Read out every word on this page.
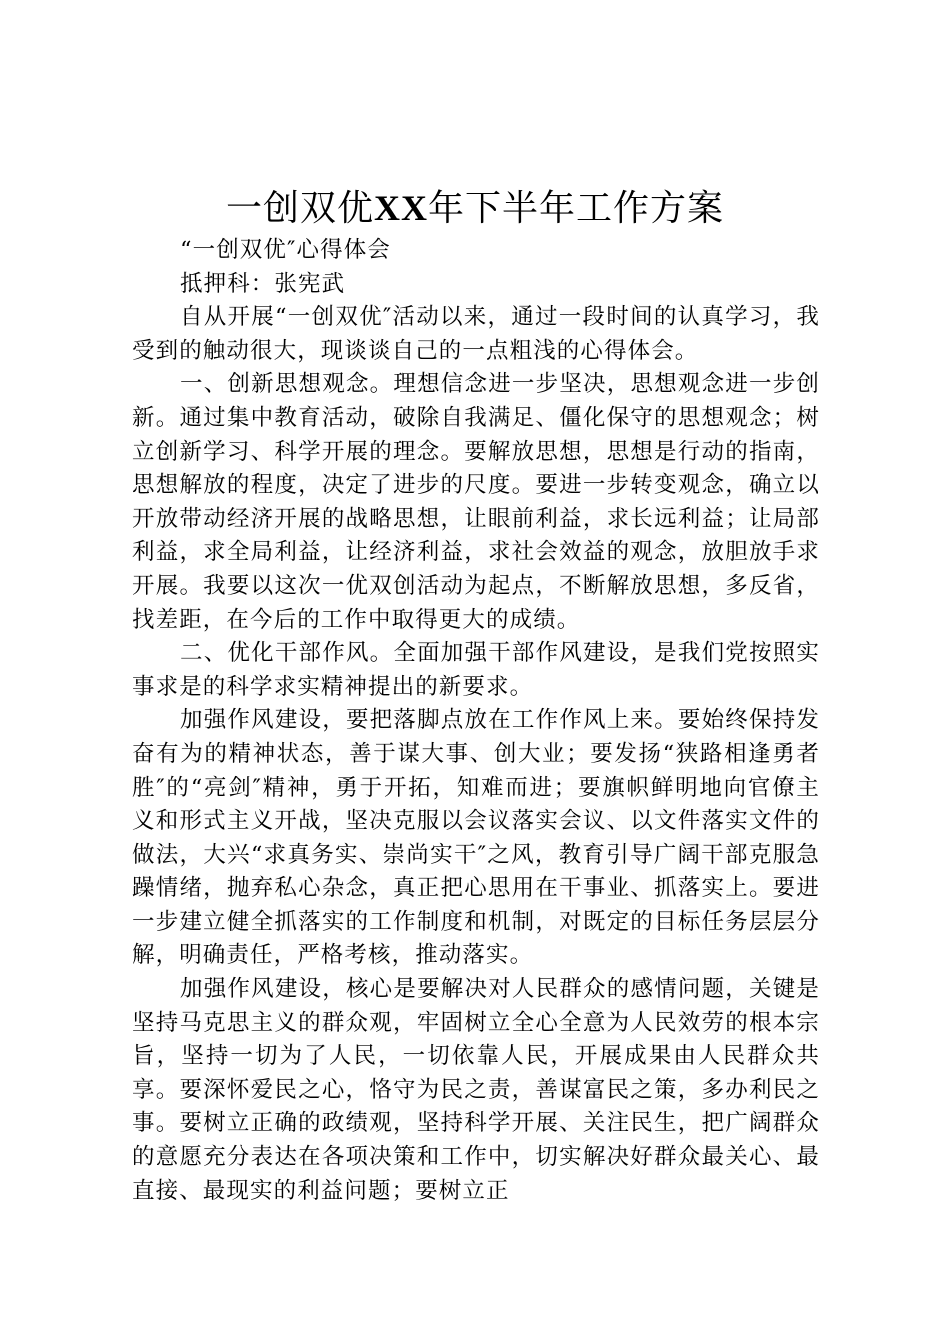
一创双优XX年下半年工作方案

“一创双优″心得体会

抵押科：张宪武

自从开展“一创双优″活动以来，通过一段时间的认真学习，我受到的触动很大，现谈谈自己的一点粗浅的心得体会。

一、创新思想观念。理想信念进一步坚决，思想观念进一步创新。通过集中教育活动，破除自我满足、僵化保守的思想观念；树立创新学习、科学开展的理念。要解放思想，思想是行动的指南，思想解放的程度，决定了进步的尺度。要进一步转变观念，确立以开放带动经济开展的战略思想，让眼前利益，求长远利益；让局部利益，求全局利益，让经济利益，求社会效益的观念，放胆放手求开展。我要以这次一优双创活动为起点，不断解放思想，多反省，找差距，在今后的工作中取得更大的成绩。

二、优化干部作风。全面加强干部作风建设，是我们党按照实事求是的科学求实精神提出的新要求。

加强作风建设，要把落脚点放在工作作风上来。要始终保持发奋有为的精神状态，善于谋大事、创大业；要发扬“狭路相逢勇者胜″的“亮剑″精神，勇于开拓，知难而进；要旗帜鲜明地向官僚主义和形式主义开战，坚决克服以会议落实会议、以文件落实文件的做法，大兴“求真务实、崇尚实干″之风，教育引导广阔干部克服急躁情绪，抛弃私心杂念，真正把心思用在干事业、抓落实上。要进一步建立健全抓落实的工作制度和机制，对既定的目标任务层层分解，明确责任，严格考核，推动落实。

加强作风建设，核心是要解决对人民群众的感情问题，关键是坚持马克思主义的群众观，牢固树立全心全意为人民效劳的根本宗旨，坚持一切为了人民，一切依靠人民，开展成果由人民群众共享。要深怀爱民之心，恪守为民之责，善谋富民之策，多办利民之事。要树立正确的政绩观，坚持科学开展、关注民生，把广阔群众的意愿充分表达在各项决策和工作中，切实解决好群众最关心、最直接、最现实的利益问题；要树立正
